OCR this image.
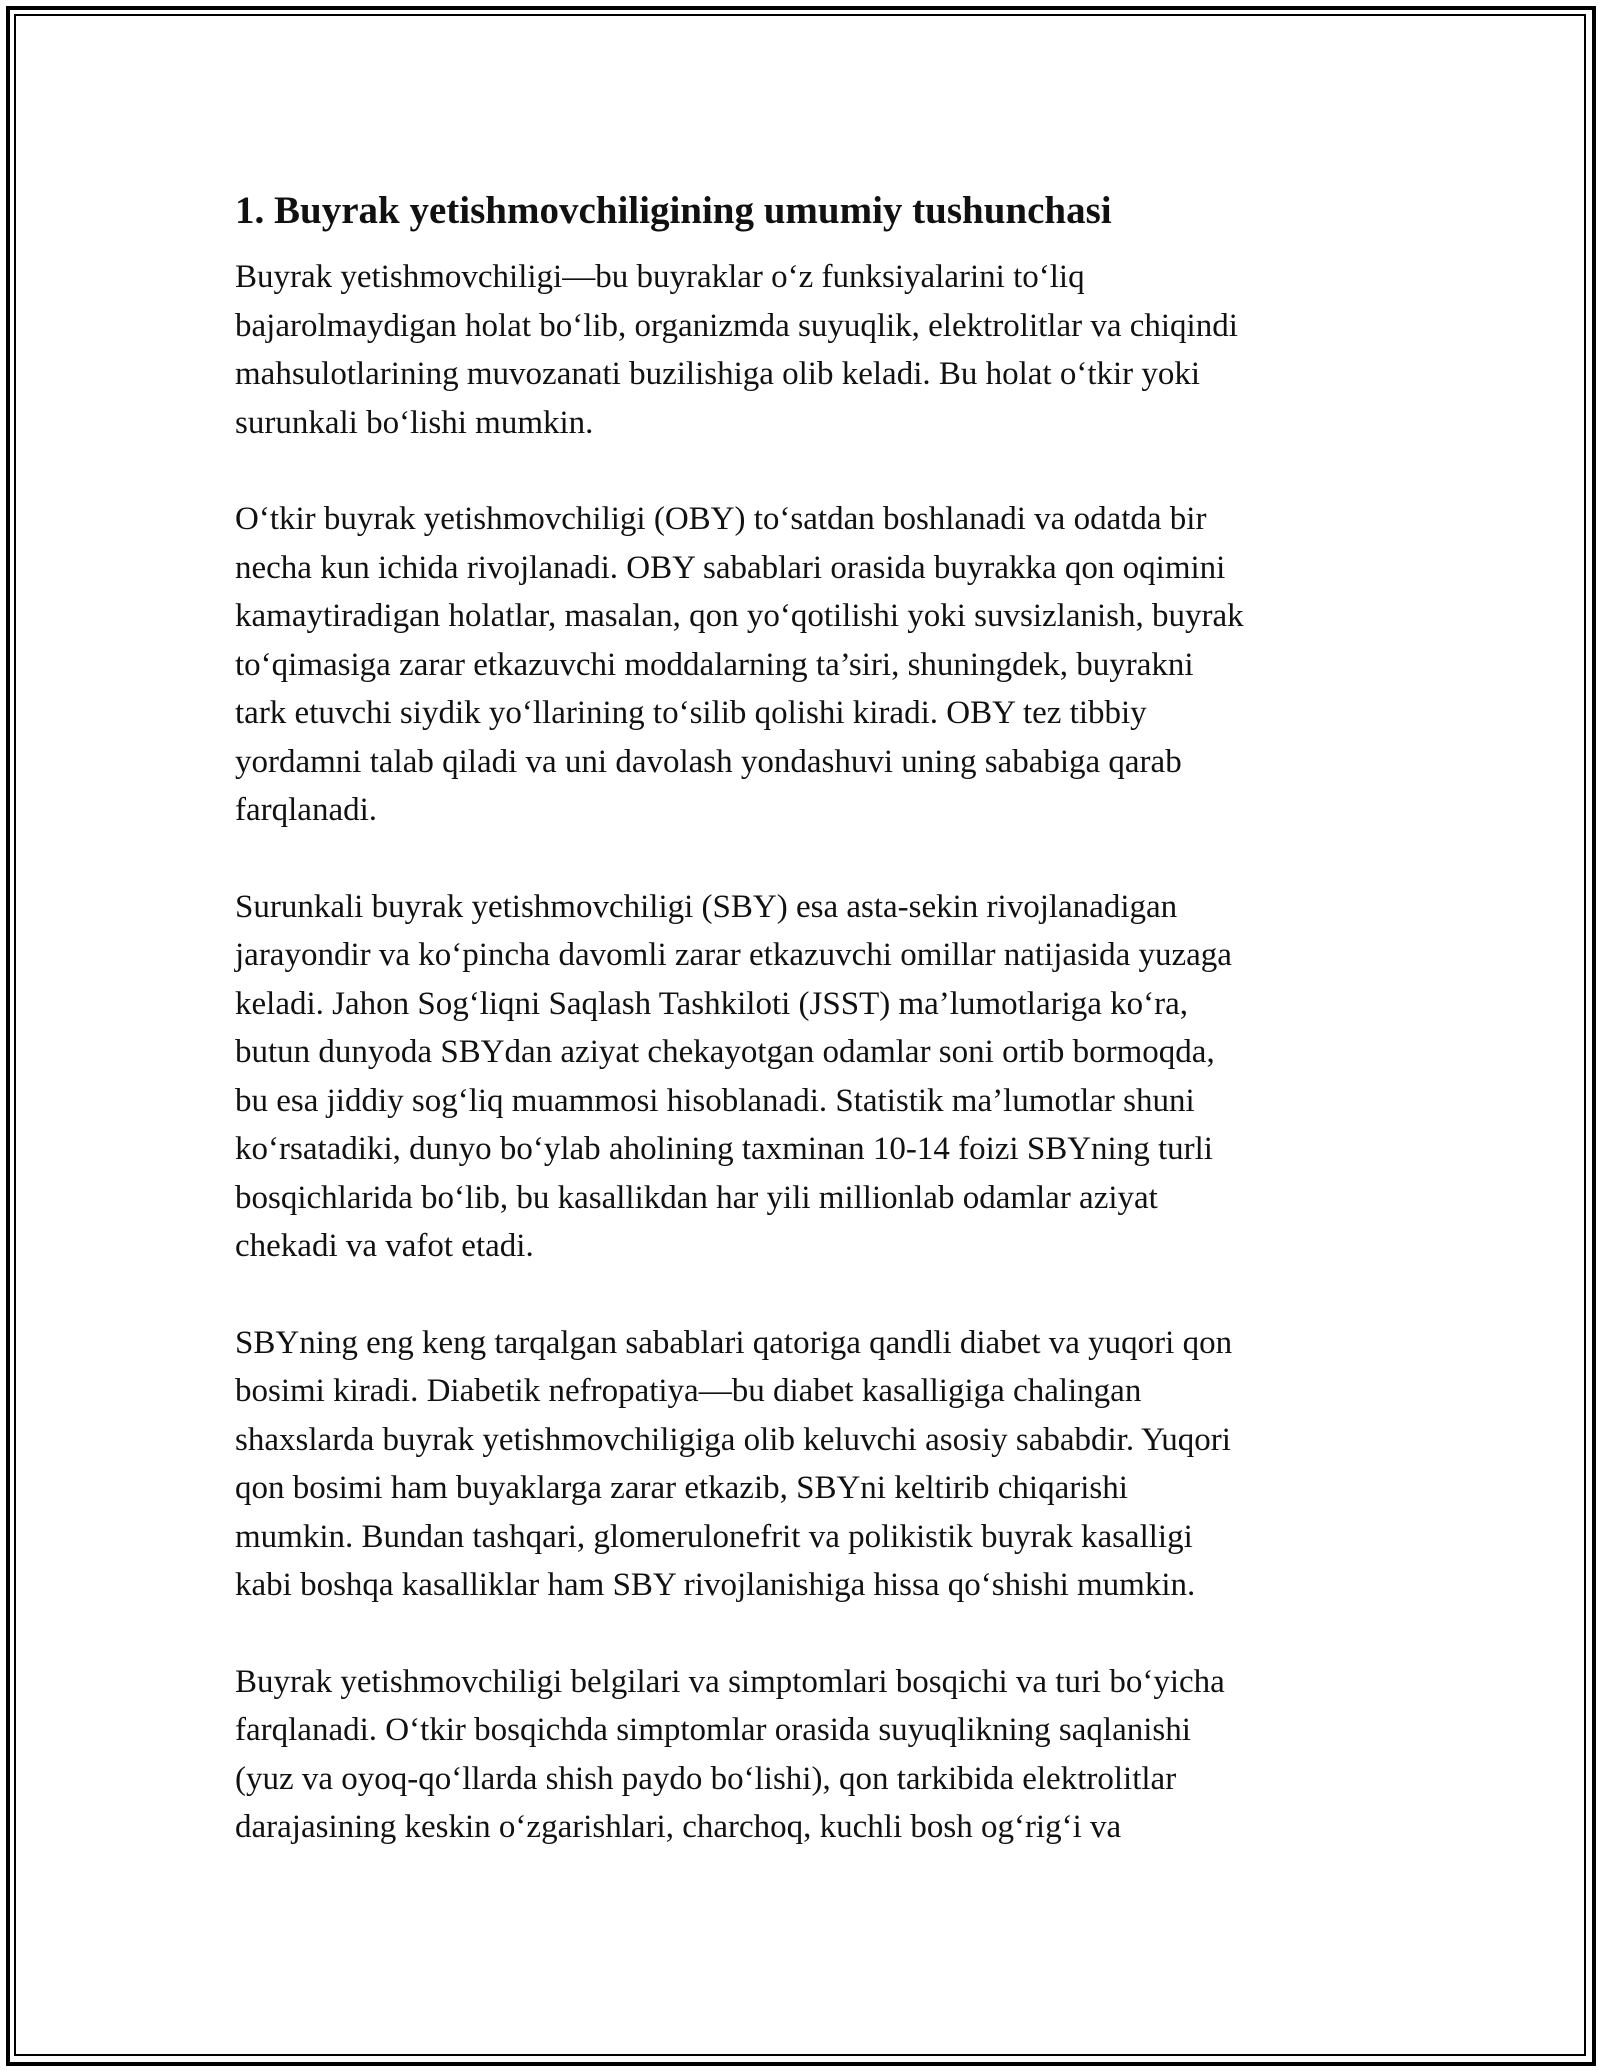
1. Buyrak yetishmovchiligining umumiy tushunchasi

Buyrak yetishmovchiligi—bu buyraklar o‘z funksiyalarini to‘liq
bajarolmaydigan holat bo‘lib, organizmda suyuqlik, elektrolitlar va chiqindi
mahsulotlarining muvozanati buzilishiga olib keladi. Bu holat o‘tkir yoki
surunkali bo‘lishi mumkin.

O‘tkir buyrak yetishmovchiligi (OBY) to‘satdan boshlanadi va odatda bir
necha kun ichida rivojlanadi. OBY sabablari orasida buyrakka qon oqimini
kamaytiradigan holatlar, masalan, qon yo‘qotilishi yoki suvsizlanish, buyrak
to‘qimasiga zarar etkazuvchi moddalarning ta’siri, shuningdek, buyrakni
tark etuvchi siydik yo‘llarining to‘silib qolishi kiradi. OBY tez tibbiy
yordamni talab qiladi va uni davolash yondashuvi uning sababiga qarab
farqlanadi.

Surunkali buyrak yetishmovchiligi (SBY) esa asta-sekin rivojlanadigan
jarayondir va ko‘pincha davomli zarar etkazuvchi omillar natijasida yuzaga
keladi. Jahon Sog‘liqni Saqlash Tashkiloti (JSST) ma’lumotlariga ko‘ra,
butun dunyoda SBYdan aziyat chekayotgan odamlar soni ortib bormoqda,
bu esa jiddiy sog‘liq muammosi hisoblanadi. Statistik ma’lumotlar shuni
ko‘rsatadiki, dunyo bo‘ylab aholining taxminan 10-14 foizi SBYning turli
bosqichlarida bo‘lib, bu kasallikdan har yili millionlab odamlar aziyat
chekadi va vafot etadi.

SBYning eng keng tarqalgan sabablari qatoriga qandli diabet va yuqori qon
bosimi kiradi. Diabetik nefropatiya—bu diabet kasalligiga chalingan
shaxslarda buyrak yetishmovchiligiga olib keluvchi asosiy sababdir. Yuqori
qon bosimi ham buyaklarga zarar etkazib, SBYni keltirib chiqarishi
mumkin. Bundan tashqari, glomerulonefrit va polikistik buyrak kasalligi
kabi boshqa kasalliklar ham SBY rivojlanishiga hissa qo‘shishi mumkin.

Buyrak yetishmovchiligi belgilari va simptomlari bosqichi va turi bo‘yicha
farqlanadi. O‘tkir bosqichda simptomlar orasida suyuqlikning saqlanishi
(yuz va oyoq-qo‘llarda shish paydo bo‘lishi), qon tarkibida elektrolitlar
darajasining keskin o‘zgarishlari, charchoq, kuchli bosh og‘rig‘i va
